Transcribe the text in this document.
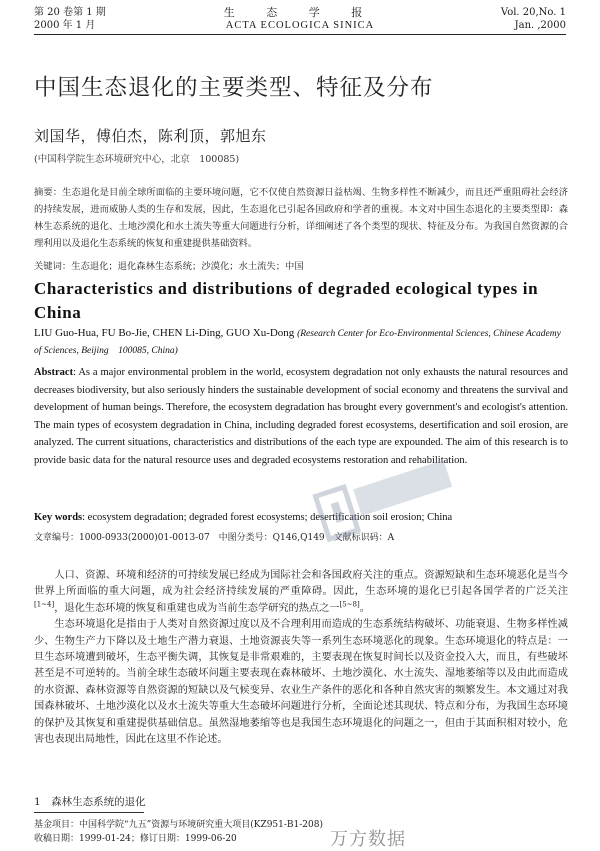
第 20 卷第 1 期
2000 年 1 月
生 态 学 报
ACTA ECOLOGICA SINICA
Vol. 20,No. 1
Jan. ,2000
中国生态退化的主要类型、特征及分布
刘国华，傅伯杰，陈利顶，郭旭东
(中国科学院生态环境研究中心，北京　100085)
摘要：生态退化是目前全球所面临的主要环境问题，它不仅使自然资源日益枯竭、生物多样性不断减少，而且还严重阻碍社会经济的持续发展，进而威胁人类的生存和发展，因此，生态退化已引起各国政府和学者的重视。本文对中国生态退化的主要类型即：森林生态系统的退化、土地沙漠化和水土流失等重大问题进行分析，详细阐述了各个类型的现状、特征及分布。为我国自然资源的合理利用以及退化生态系统的恢复和重建提供基础资料。
关键词：生态退化；退化森林生态系统；沙漠化；水土流失；中国
Characteristics and distributions of degraded ecological types in China
LIU Guo-Hua, FU Bo-Jie, CHEN Li-Ding, GUO Xu-Dong (Research Center for Eco-Environmental Sciences, Chinese Academy of Sciences, Beijing　100085, China)
Abstract: As a major environmental problem in the world, ecosystem degradation not only exhausts the natural resources and decreases biodiversity, but also seriously hinders the sustainable development of social economy and threatens the survival and development of human beings. Therefore, the ecosystem degradation has brought every government's and ecologist's attention. The main types of ecosystem degradation in China, including degraded forest ecosystems, desertification and soil erosion, are analyzed. The current situations, characteristics and distributions of the each type are expounded. The aim of this research is to provide basic data for the natural resource uses and degraded ecosystems restoration and rehabilitation.
Key words: ecosystem degradation; degraded forest ecosystems; desertification soil erosion; China
文章编号：1000-0933(2000)01-0013-07　中图分类号：Q146,Q149　文献标识码：A

人口、资源、环境和经济的可持续发展已经成为国际社会和各国政府关注的重点。资源短缺和生态环境恶化是当今世界上所面临的重大问题，成为社会经济持续发展的严重障碍。因此，生态环境的退化已引起各国学者的广泛关注[1~4]，退化生态环境的恢复和重建也成为当前生态学研究的热点之一[5~8]。

生态环境退化是指由于人类对自然资源过度以及不合理利用而造成的生态系统结构破坏、功能衰退、生物多样性减少、生物生产力下降以及土地生产潜力衰退、土地资源丧失等一系列生态环境恶化的现象。生态环境退化的特点是：一旦生态环境遭到破坏，生态平衡失调，其恢复是非常艰难的，主要表现在恢复时间长以及资金投入大，而且，有些破坏甚至是不可逆转的。当前全球生态破坏问题主要表现在森林破坏、土地沙漠化、水土流失、湿地萎缩等以及由此而造成的水资源、森林资源等自然资源的短缺以及气候变异、农业生产条件的恶化和各种自然灾害的频繁发生。本文通过对我国森林破坏、土地沙漠化以及水土流失等重大生态破坏问题进行分析，全面论述其现状、特点和分布，为我国生态环境的保护及其恢复和重建提供基础信息。虽然湿地萎缩等也是我国生态环境退化的问题之一，但由于其面积相对较小，危害也表现出局地性，因此在这里不作论述。

1　森林生态系统的退化
基金项目：中国科学院“九五”资源与环境研究重大项目(KZ951-B1-208)
收稿日期：1999-01-24；修订日期：1999-06-20	万方数据
